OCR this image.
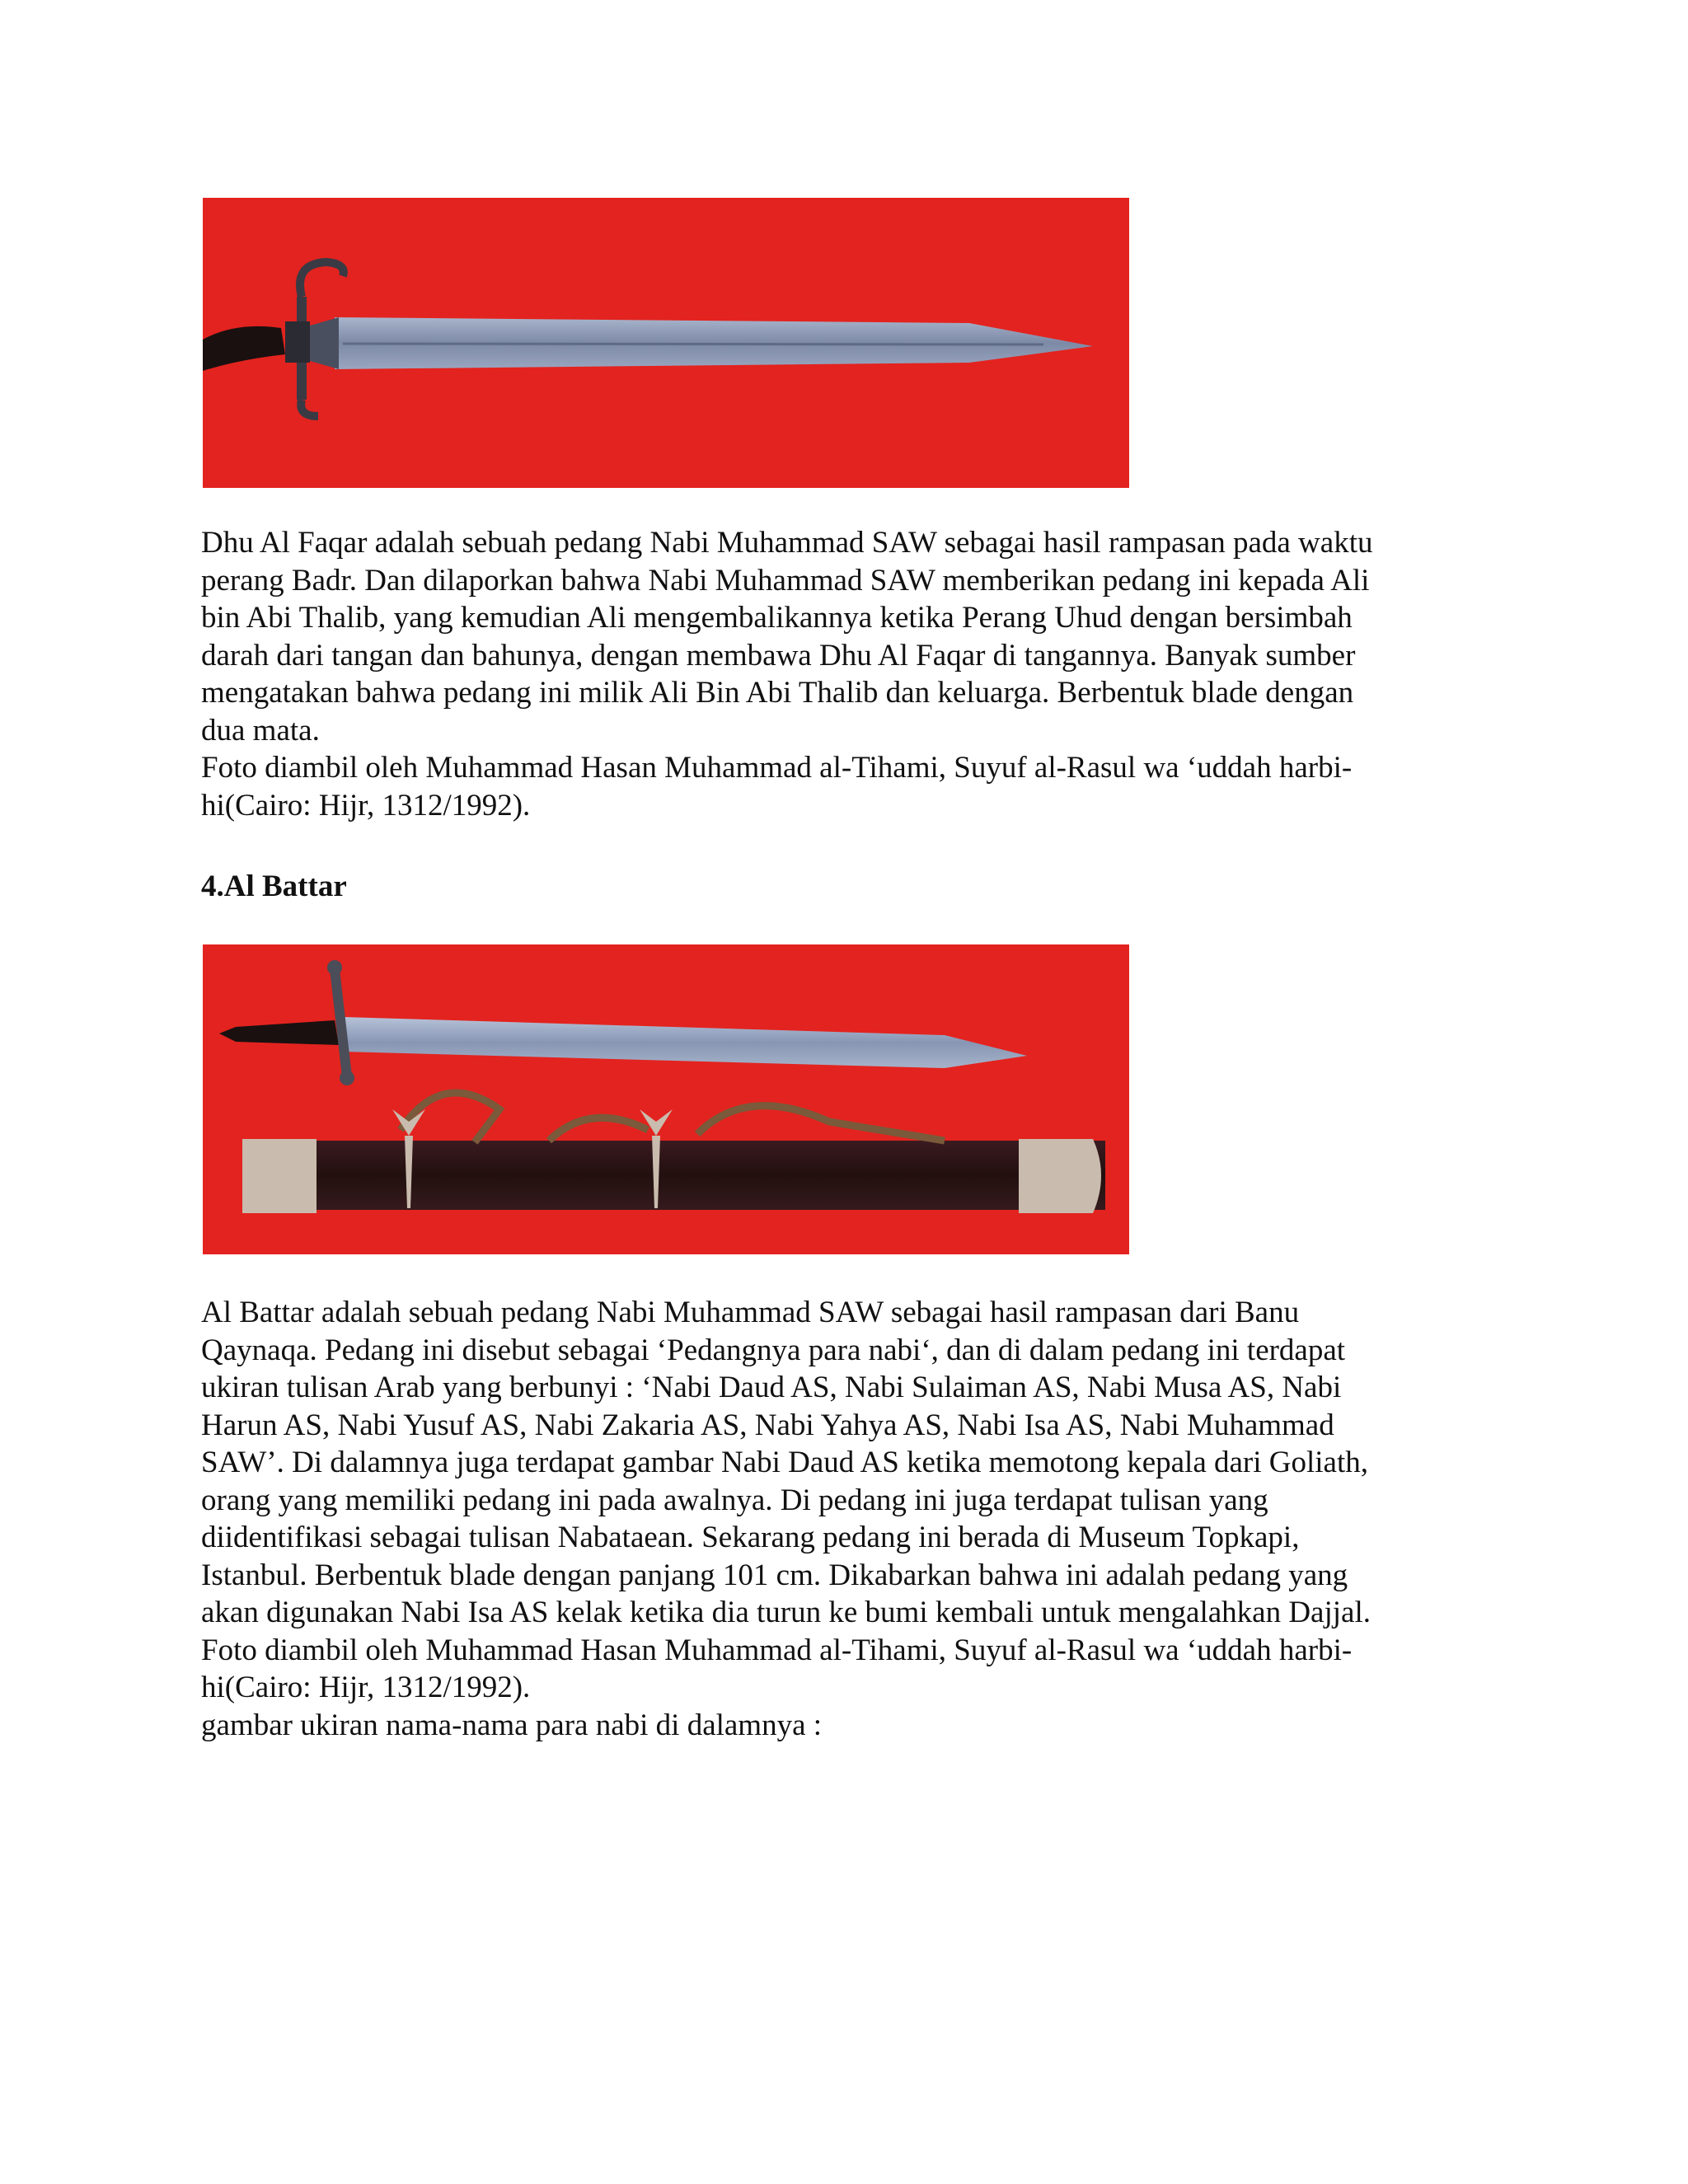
Dhu Al Faqar adalah sebuah pedang Nabi Muhammad SAW sebagai hasil rampasan pada waktu
perang Badr. Dan dilaporkan bahwa Nabi Muhammad SAW memberikan pedang ini kepada Ali
bin Abi Thalib, yang kemudian Ali mengembalikannya ketika Perang Uhud dengan bersimbah
darah dari tangan dan bahunya, dengan membawa Dhu Al Faqar di tangannya. Banyak sumber
mengatakan bahwa pedang ini milik Ali Bin Abi Thalib dan keluarga. Berbentuk blade dengan
dua mata.
Foto diambil oleh Muhammad Hasan Muhammad al-Tihami, Suyuf al-Rasul wa ‘uddah harbi-
hi(Cairo: Hijr, 1312/1992).
4.Al Battar
Al Battar adalah sebuah pedang Nabi Muhammad SAW sebagai hasil rampasan dari Banu
Qaynaqa. Pedang ini disebut sebagai ‘Pedangnya para nabi‘, dan di dalam pedang ini terdapat
ukiran tulisan Arab yang berbunyi : ‘Nabi Daud AS, Nabi Sulaiman AS, Nabi Musa AS, Nabi
Harun AS, Nabi Yusuf AS, Nabi Zakaria AS, Nabi Yahya AS, Nabi Isa AS, Nabi Muhammad
SAW’. Di dalamnya juga terdapat gambar Nabi Daud AS ketika memotong kepala dari Goliath,
orang yang memiliki pedang ini pada awalnya. Di pedang ini juga terdapat tulisan yang
diidentifikasi sebagai tulisan Nabataean. Sekarang pedang ini berada di Museum Topkapi,
Istanbul. Berbentuk blade dengan panjang 101 cm. Dikabarkan bahwa ini adalah pedang yang
akan digunakan Nabi Isa AS kelak ketika dia turun ke bumi kembali untuk mengalahkan Dajjal.
Foto diambil oleh Muhammad Hasan Muhammad al-Tihami, Suyuf al-Rasul wa ‘uddah harbi-
hi(Cairo: Hijr, 1312/1992).
gambar ukiran nama-nama para nabi di dalamnya :
